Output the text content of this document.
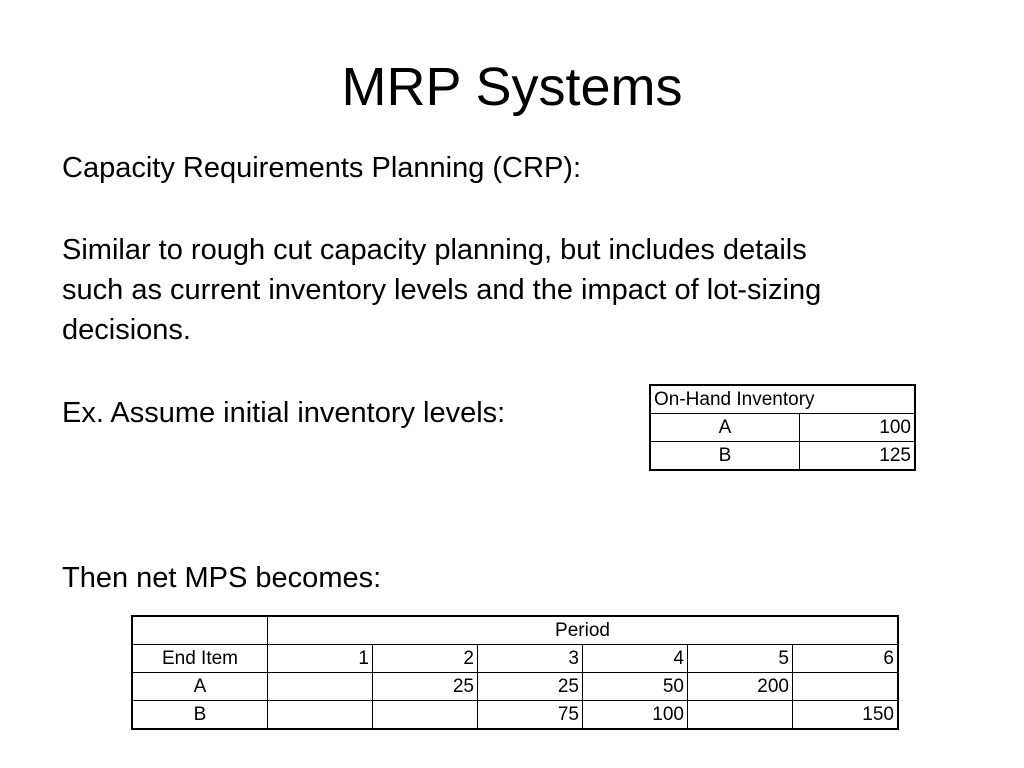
MRP Systems

Capacity Requirements Planning (CRP):

Similar to rough cut capacity planning, but includes details

such as current inventory levels and the impact of lot-sizing

decisions.

Ex. Assume initial inventory levels:	On-Hand Inventory	
A	100
B	125

Then net MPS becomes:

	Period					
End Item	1	2	3	4	5	6
A		25	25	50	200	
B			75	100		150
